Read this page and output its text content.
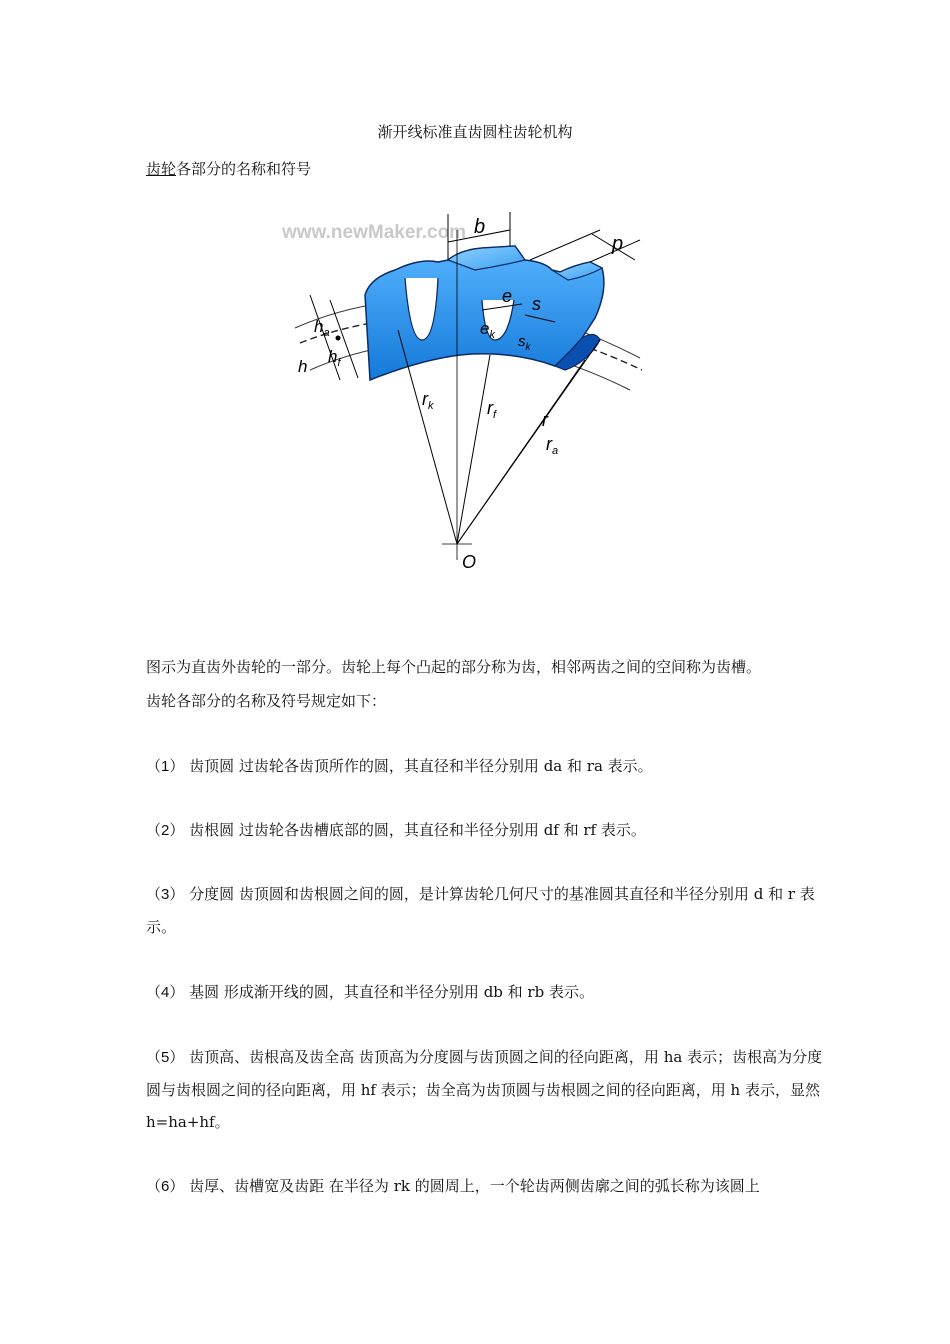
渐开线标准直齿圆柱齿轮机构
齿轮各部分的名称和符号
www.newMaker.com b
p
e s
$e_k$ $s_k$
$h_a$
$h_f$
h
$r_k$	$r_f$	r
$r_a$
O

图示为直齿外齿轮的一部分。齿轮上每个凸起的部分称为齿，相邻两齿之间的空间称为齿槽。

齿轮各部分的名称及符号规定如下：

（1） 齿顶圆 过齿轮各齿顶所作的圆，其直径和半径分别用 da 和 ra 表示。

（2） 齿根圆 过齿轮各齿槽底部的圆，其直径和半径分别用 df 和 rf 表示。

（3） 分度圆 齿顶圆和齿根圆之间的圆，是计算齿轮几何尺寸的基准圆其直径和半径分别用 d 和 r 表示。

（4） 基圆 形成渐开线的圆，其直径和半径分别用 db 和 rb 表示。

（5） 齿顶高、齿根高及齿全高 齿顶高为分度圆与齿顶圆之间的径向距离，用 ha 表示；齿根高为分度圆与齿根圆之间的径向距离，用 hf 表示；齿全高为齿顶圆与齿根圆之间的径向距离，用 h 表示，显然 h=ha+hf。

（6） 齿厚、齿槽宽及齿距 在半径为 rk 的圆周上，一个轮齿两侧齿廓之间的弧长称为该圆上
